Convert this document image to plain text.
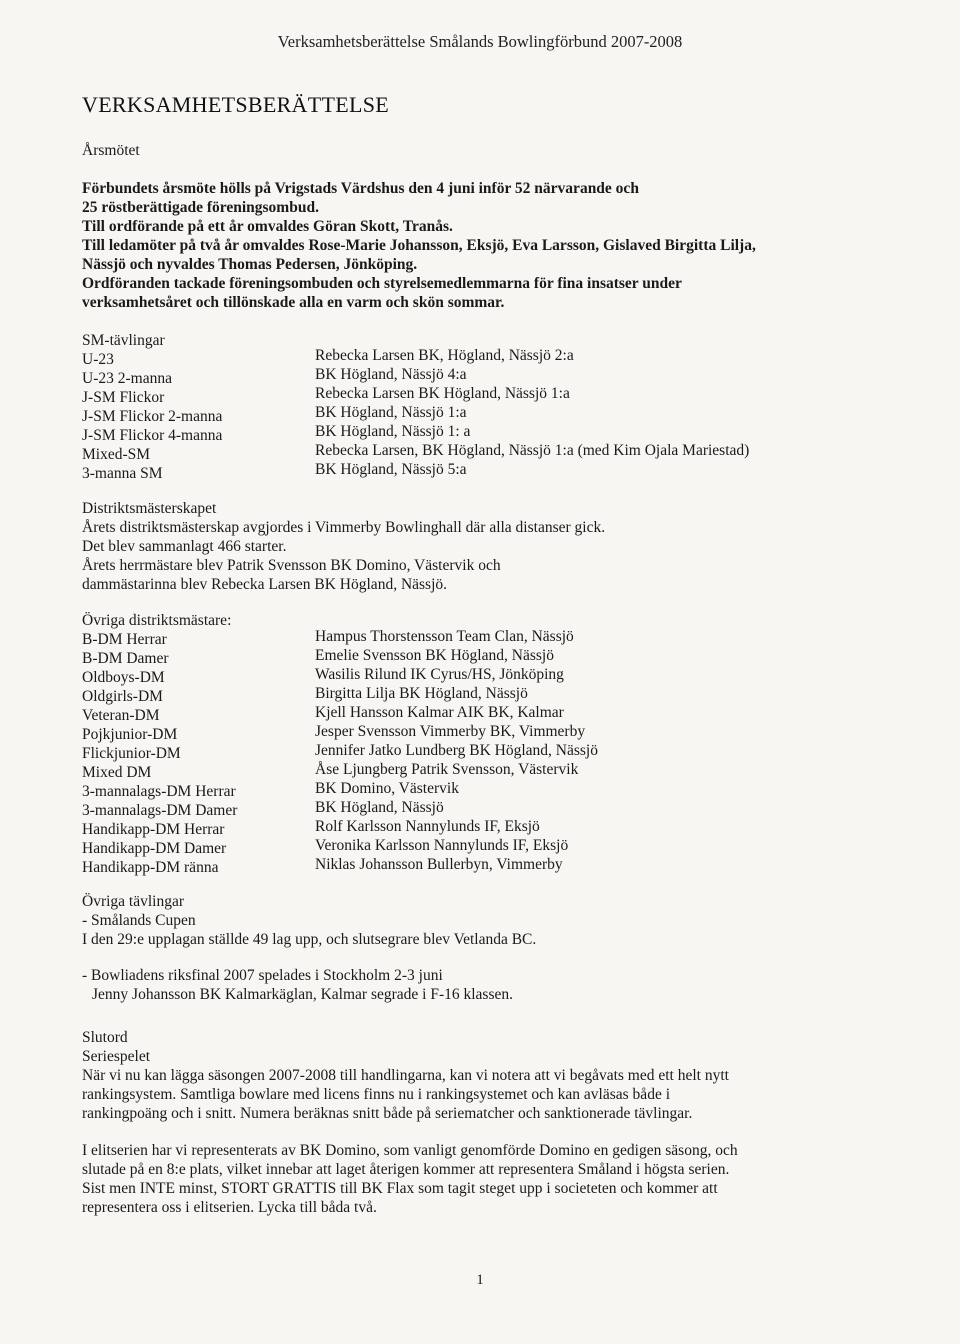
Verksamhetsberättelse Smålands Bowlingförbund 2007-2008
VERKSAMHETSBERÄTTELSE
Årsmötet
Förbundets årsmöte hölls på Vrigstads Värdshus den 4 juni inför 52 närvarande och
25 röstberättigade föreningsombud.
Till ordförande på ett år omvaldes Göran Skott, Tranås.
Till ledamöter på två år omvaldes Rose-Marie Johansson, Eksjö, Eva Larsson, Gislaved Birgitta Lilja,
Nässjö och nyvaldes Thomas Pedersen, Jönköping.
Ordföranden tackade föreningsombuden och styrelsemedlemmarna för fina insatser under
verksamhetsåret och tillönskade alla en varm och skön sommar.
SM-tävlingar
U-23	Rebecka Larsen BK, Högland, Nässjö 2:a
U-23 2-manna	BK Högland, Nässjö 4:a
J-SM Flickor	Rebecka Larsen BK Högland, Nässjö 1:a
J-SM Flickor 2-manna	BK Högland, Nässjö 1:a
J-SM Flickor 4-manna	BK Högland, Nässjö 1: a
Mixed-SM	Rebecka Larsen, BK Högland, Nässjö 1:a (med Kim Ojala Mariestad)
3-manna SM	BK Högland, Nässjö 5:a
Distriktsmästerskapet
Årets distriktsmästerskap avgjordes i Vimmerby Bowlinghall där alla distanser gick.
Det blev sammanlagt 466 starter.
Årets herrmästare blev Patrik Svensson BK Domino, Västervik och
dammästarinna blev Rebecka Larsen BK Högland, Nässjö.
Övriga distriktsmästare:
B-DM Herrar	Hampus Thorstensson Team Clan, Nässjö
B-DM Damer	Emelie Svensson BK Högland, Nässjö
Oldboys-DM	Wasilis Rilund IK Cyrus/HS, Jönköping
Oldgirls-DM	Birgitta Lilja BK Högland, Nässjö
Veteran-DM	Kjell Hansson Kalmar AIK BK, Kalmar
Pojkjunior-DM	Jesper Svensson Vimmerby BK, Vimmerby
Flickjunior-DM	Jennifer Jatko Lundberg BK Högland, Nässjö
Mixed DM	Åse Ljungberg Patrik Svensson, Västervik
3-mannalags-DM Herrar	BK Domino, Västervik
3-mannalags-DM Damer	BK Högland, Nässjö
Handikapp-DM Herrar	Rolf Karlsson Nannylunds IF, Eksjö
Handikapp-DM Damer	Veronika Karlsson Nannylunds IF, Eksjö
Handikapp-DM ränna	Niklas Johansson Bullerbyn, Vimmerby
Övriga tävlingar
- Smålands Cupen
I den 29:e upplagan ställde 49 lag upp, och slutsegrare blev Vetlanda BC.
- Bowliadens riksfinal 2007 spelades i Stockholm 2-3 juni
Jenny Johansson BK Kalmarkäglan, Kalmar segrade i F-16 klassen.
Slutord
Seriespelet
När vi nu kan lägga säsongen 2007-2008 till handlingarna, kan vi notera att vi begåvats med ett helt nytt
rankingsystem. Samtliga bowlare med licens finns nu i rankingsystemet och kan avläsas både i
rankingpoäng och i snitt. Numera beräknas snitt både på seriematcher och sanktionerade tävlingar.
I elitserien har vi representerats av BK Domino, som vanligt genomförde Domino en gedigen säsong, och
slutade på en 8:e plats, vilket innebar att laget återigen kommer att representera Småland i högsta serien.
Sist men INTE minst, STORT GRATTIS till BK Flax som tagit steget upp i societeten och kommer att
representera oss i elitserien. Lycka till båda två.
1
